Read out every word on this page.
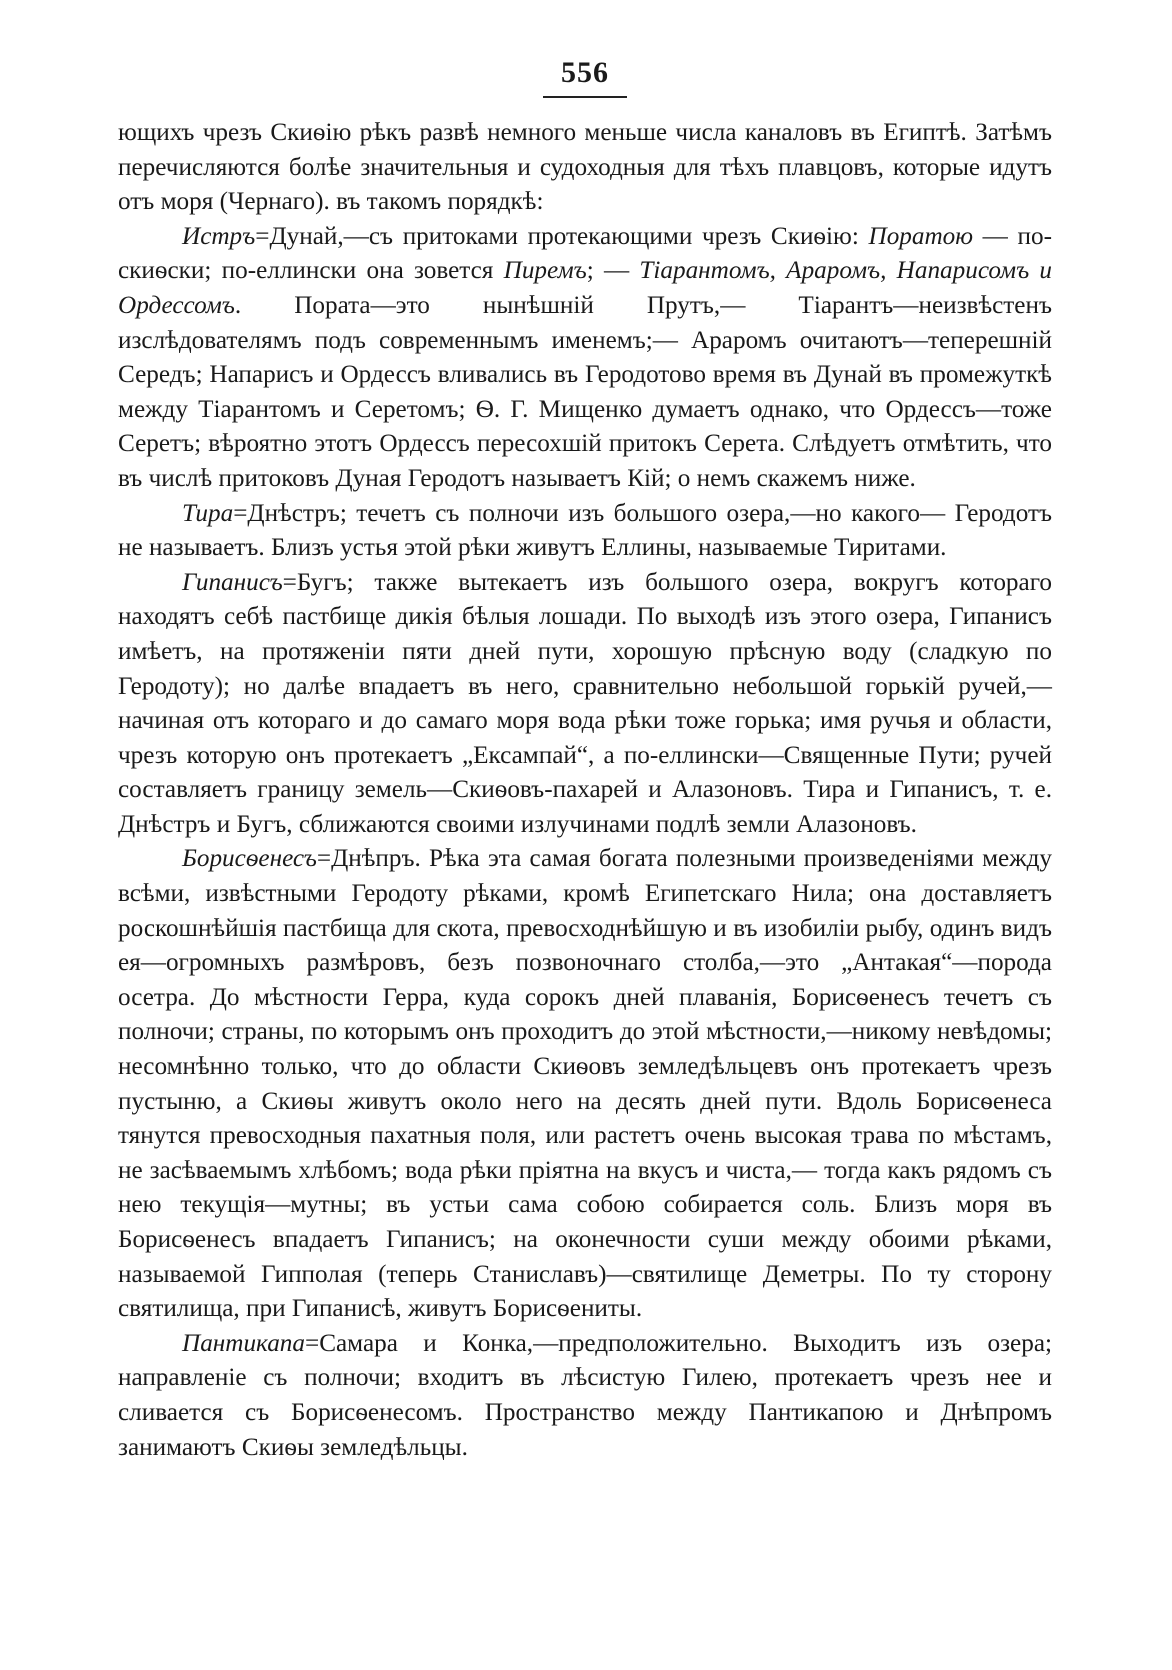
556

ющихъ чрезъ Скиѳію рѣкъ развѣ немного меньше числа каналовъ въ Египтѣ. Затѣмъ перечисляются болѣе значительныя и судоходныя для тѣхъ плавцовъ, которые идутъ отъ моря (Чернаго). въ такомъ порядкѣ:

Истръ=Дунай,—съ притоками протекающими чрезъ Скиѳію: Поратою — по-скиѳски; по-еллински она зовется Пиремъ; — Тіарантомъ, Араромъ, Напарисомъ и Ордессомъ. Пората—это нынѣшній Прутъ,— Тіарантъ—неизвѣстенъ изслѣдователямъ подъ современнымъ именемъ;— Араромъ очитаютъ—теперешній Середъ; Напарисъ и Ордессъ вливались въ Геродотово время въ Дунай въ промежуткѣ между Тіарантомъ и Серетомъ; Ѳ. Г. Мищенко думаетъ однако, что Ордессъ—тоже Серетъ; вѣроятно этотъ Ордессъ пересохшій притокъ Серета. Слѣдуетъ отмѣтить, что въ числѣ притоковъ Дуная Геродотъ называетъ Кій; о немъ скажемъ ниже.

Тира=Днѣстръ; течетъ съ полночи изъ большого озера,—но какого— Геродотъ не называетъ. Близъ устья этой рѣки живутъ Еллины, называемые Тиритами.

Гипанисъ=Бугъ; также вытекаетъ изъ большого озера, вокругъ котораго находятъ себѣ пастбище дикія бѣлыя лошади. По выходѣ изъ этого озера, Гипанисъ имѣетъ, на протяженіи пяти дней пути, хорошую прѣсную воду (сладкую по Геродоту); но далѣе впадаетъ въ него, сравнительно небольшой горькій ручей,—начиная отъ котораго и до самаго моря вода рѣки тоже горька; имя ручья и области, чрезъ которую онъ протекаетъ „Ексампай“, а по-еллински—Священные Пути; ручей составляетъ границу земель—Скиѳовъ-пахарей и Алазоновъ. Тира и Гипанисъ, т. е. Днѣстръ и Бугъ, сближаются своими излучинами подлѣ земли Алазоновъ.

Борисѳенесъ=Днѣпръ. Рѣка эта самая богата полезными произведеніями между всѣми, извѣстными Геродоту рѣками, кромѣ Египетскаго Нила; она доставляетъ роскошнѣйшія пастбища для скота, превосходнѣйшую и въ изобиліи рыбу, одинъ видъ ея—огромныхъ размѣровъ, безъ позвоночнаго столба,—это „Антакая“—порода осетра. До мѣстности Герра, куда сорокъ дней плаванія, Борисѳенесъ течетъ съ полночи; страны, по которымъ онъ проходитъ до этой мѣстности,—никому невѣдомы; несомнѣнно только, что до области Скиѳовъ земледѣльцевъ онъ протекаетъ чрезъ пустыню, а Скиѳы живутъ около него на десять дней пути. Вдоль Борисѳенеса тянутся превосходныя пахатныя поля, или растетъ очень высокая трава по мѣстамъ, не засѣваемымъ хлѣбомъ; вода рѣки пріятна на вкусъ и чиста,— тогда какъ рядомъ съ нею текущія—мутны; въ устьи сама собою собирается соль. Близъ моря въ Борисѳенесъ впадаетъ Гипанисъ; на оконечности суши между обоими рѣками, называемой Гипполая (теперь Станиславъ)—святилище Деметры. По ту сторону святилища, при Гипанисѣ, живутъ Борисѳениты.

Пантикапа=Самара и Конка,—предположительно. Выходитъ изъ озера; направленіе съ полночи; входитъ въ лѣсистую Гилею, протекаетъ чрезъ нее и сливается съ Борисѳенесомъ. Пространство между Пантикапою и Днѣпромъ занимаютъ Скиѳы земледѣльцы.
